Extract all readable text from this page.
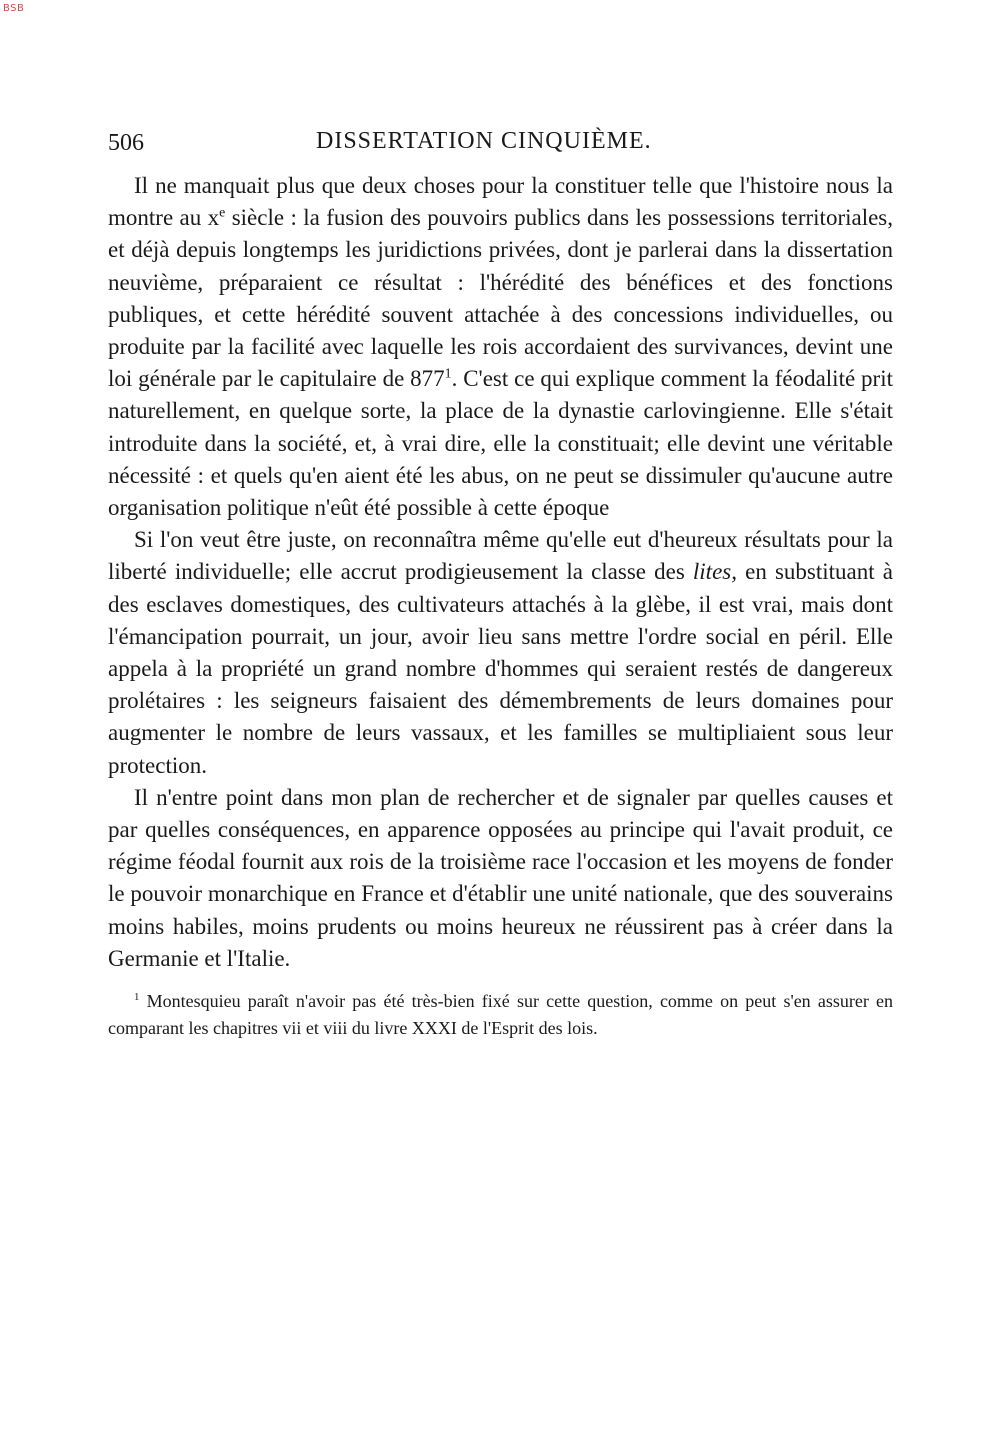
BSB
506	DISSERTATION CINQUIÈME.

Il ne manquait plus que deux choses pour la constituer telle que l'histoire nous la montre au $x^e$ siècle : la fusion des pouvoirs publics dans les possessions territoriales, et déjà depuis longtemps les juridictions privées, dont je parlerai dans la dissertation neuvième, préparaient ce résultat : l'hérédité des bénéfices et des fonctions publiques, et cette hérédité souvent attachée à des concessions individuelles, ou produite par la facilité avec laquelle les rois accordaient des survivances, devint une loi générale par le capitulaire de $877^1$. C'est ce qui explique comment la féodalité prit naturellement, en quelque sorte, la place de la dynastie carlovingienne. Elle s'était introduite dans la société, et, à vrai dire, elle la constituait; elle devint une véritable nécessité : et quels qu'en aient été les abus, on ne peut se dissimuler qu'aucune autre organisation politique n'eût été possible à cette époque

Si l'on veut être juste, on reconnaîtra même qu'elle eut d'heureux résultats pour la liberté individuelle; elle accrut prodigieusement la classe des lites, en substituant à des esclaves domestiques, des cultivateurs attachés à la glèbe, il est vrai, mais dont l'émancipation pourrait, un jour, avoir lieu sans mettre l'ordre social en péril. Elle appela à la propriété un grand nombre d'hommes qui seraient restés de dangereux prolétaires : les seigneurs faisaient des démembrements de leurs domaines pour augmenter le nombre de leurs vassaux, et les familles se multipliaient sous leur protection.

Il n'entre point dans mon plan de rechercher et de signaler par quelles causes et par quelles conséquences, en apparence opposées au principe qui l'avait produit, ce régime féodal fournit aux rois de la troisième race l'occasion et les moyens de fonder le pouvoir monarchique en France et d'établir une unité nationale, que des souverains moins habiles, moins prudents ou moins heureux ne réussirent pas à créer dans la Germanie et l'Italie.

$^1$ Montesquieu paraît n'avoir pas été très-bien fixé sur cette question, comme on peut s'en assurer en comparant les chapitres vii et viii du livre XXXI de l'Esprit des lois.
